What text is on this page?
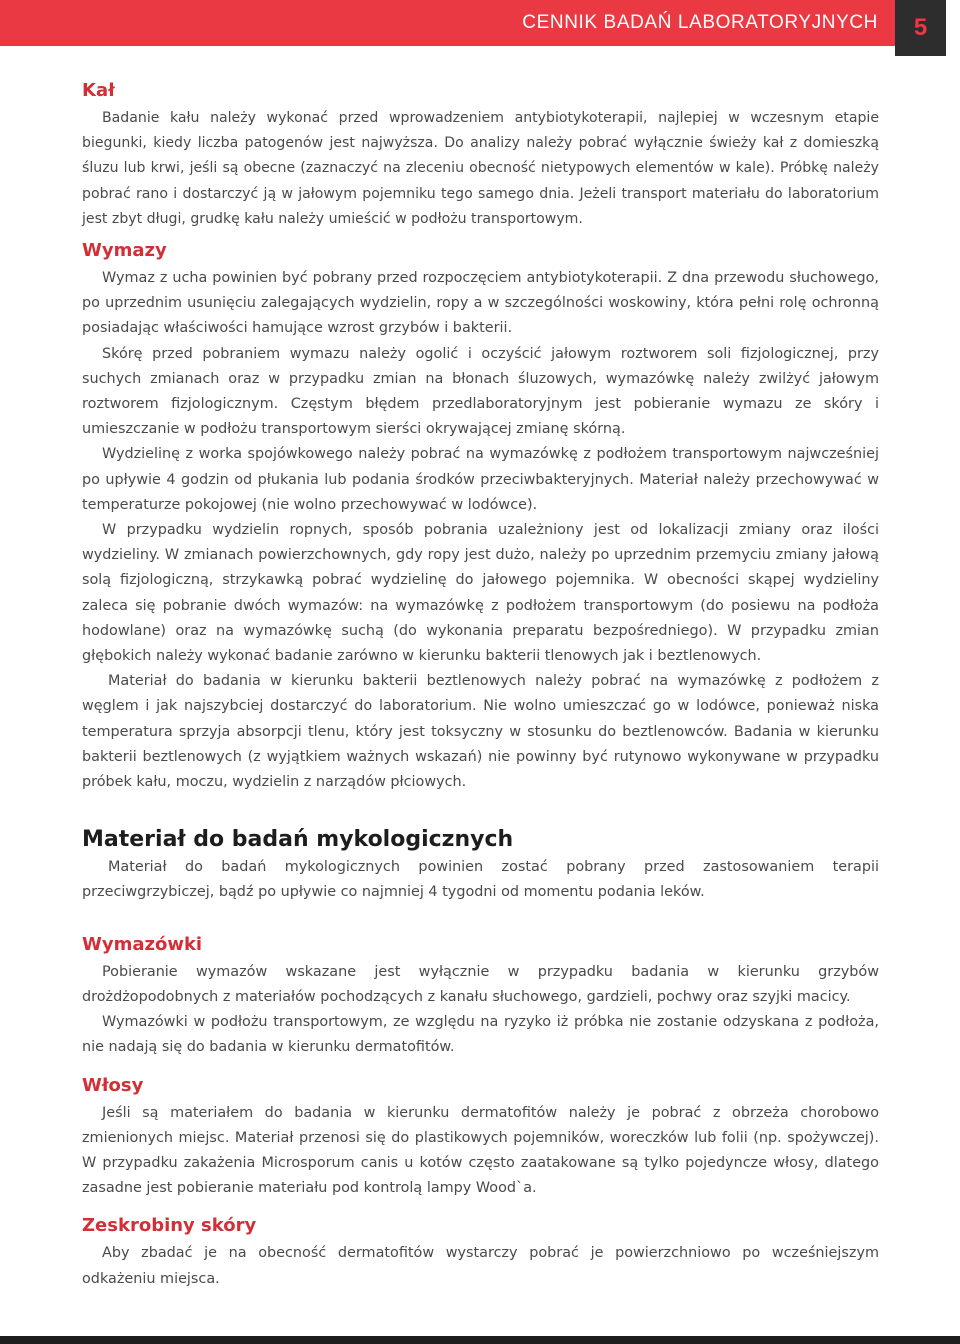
CENNIK BADAŃ LABORATORYJNYCH	5
Kał

Badanie kału należy wykonać przed wprowadzeniem antybiotykoterapii, najlepiej w wczesnym etapie biegunki, kiedy liczba patogenów jest najwyższa. Do analizy należy pobrać wyłącznie świeży kał z domieszką śluzu lub krwi, jeśli są obecne (zaznaczyć na zleceniu obecność nietypowych elementów w kale). Próbkę należy pobrać rano i dostarczyć ją w jałowym pojemniku tego samego dnia. Jeżeli transport materiału do laboratorium jest zbyt długi, grudkę kału należy umieścić w podłożu transportowym.

Wymazy

Wymaz z ucha powinien być pobrany przed rozpoczęciem antybiotykoterapii. Z dna przewodu słuchowego, po uprzednim usunięciu zalegających wydzielin, ropy a w szczególności woskowiny, która pełni rolę ochronną posiadając właściwości hamujące wzrost grzybów i bakterii.

Skórę przed pobraniem wymazu należy ogolić i oczyścić jałowym roztworem soli fizjologicznej, przy suchych zmianach oraz w przypadku zmian na błonach śluzowych, wymazówkę należy zwilżyć jałowym roztworem fizjologicznym. Częstym błędem przedlaboratoryjnym jest pobieranie wymazu ze skóry i umieszczanie w podłożu transportowym sierści okrywającej zmianę skórną.

Wydzielinę z worka spojówkowego należy pobrać na wymazówkę z podłożem transportowym najwcześniej po upływie 4 godzin od płukania lub podania środków przeciwbakteryjnych. Materiał należy przechowywać w temperaturze pokojowej (nie wolno przechowywać w lodówce).

W przypadku wydzielin ropnych, sposób pobrania uzależniony jest od lokalizacji zmiany oraz ilości wydzieliny. W zmianach powierzchownych, gdy ropy jest dużo, należy po uprzednim przemyciu zmiany jałową solą fizjologiczną, strzykawką pobrać wydzielinę do jałowego pojemnika. W obecności skąpej wydzieliny zaleca się pobranie dwóch wymazów: na wymazówkę z podłożem transportowym (do posiewu na podłoża hodowlane) oraz na wymazówkę suchą (do wykonania preparatu bezpośredniego). W przypadku zmian głębokich należy wykonać badanie zarówno w kierunku bakterii tlenowych jak i beztlenowych.

Materiał do badania w kierunku bakterii beztlenowych należy pobrać na wymazówkę z podłożem z węglem i jak najszybciej dostarczyć do laboratorium. Nie wolno umieszczać go w lodówce, ponieważ niska temperatura sprzyja absorpcji tlenu, który jest toksyczny w stosunku do beztlenowców. Badania w kierunku bakterii beztlenowych (z wyjątkiem ważnych wskazań) nie powinny być rutynowo wykonywane w przypadku próbek kału, moczu, wydzielin z narządów płciowych.

Materiał do badań mykologicznych

Materiał do badań mykologicznych powinien zostać pobrany przed zastosowaniem terapii przeciwgrzybiczej, bądź po upływie co najmniej 4 tygodni od momentu podania leków.

Wymazówki

Pobieranie wymazów wskazane jest wyłącznie w przypadku badania w kierunku grzybów drożdżopodobnych z materiałów pochodzących z kanału słuchowego, gardzieli, pochwy oraz szyjki macicy.

Wymazówki w podłożu transportowym, ze względu na ryzyko iż próbka nie zostanie odzyskana z podłoża, nie nadają się do badania w kierunku dermatofitów.

Włosy

Jeśli są materiałem do badania w kierunku dermatofitów należy je pobrać z obrzeża chorobowo zmienionych miejsc. Materiał przenosi się do plastikowych pojemników, woreczków lub folii (np. spożywczej). W przypadku zakażenia Microsporum canis u kotów często zaatakowane są tylko pojedyncze włosy, dlatego zasadne jest pobieranie materiału pod kontrolą lampy Wood`a.

Zeskrobiny skóry

Aby zbadać je na obecność dermatofitów wystarczy pobrać je powierzchniowo po wcześniejszym odkażeniu miejsca.
